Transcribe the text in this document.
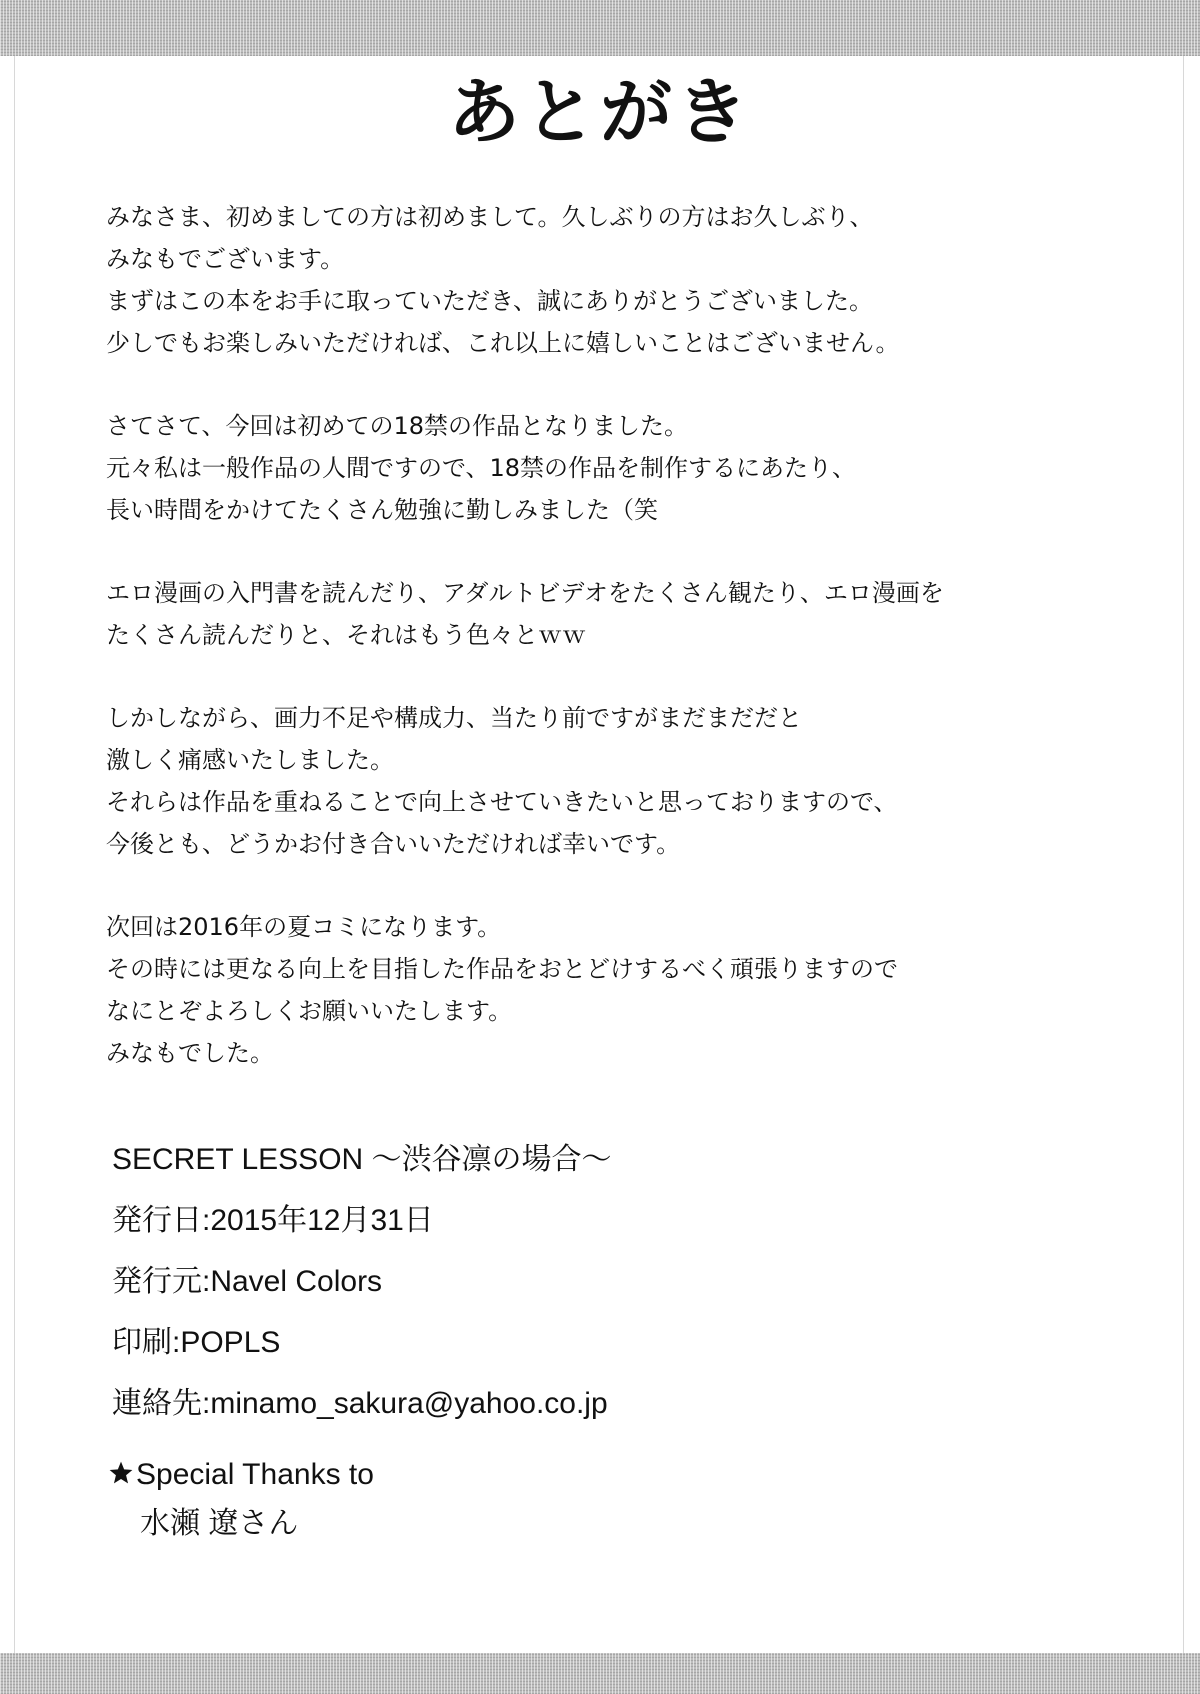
あとがき
みなさま、初めましての方は初めまして。久しぶりの方はお久しぶり、
みなもでございます。
まずはこの本をお手に取っていただき、誠にありがとうございました。
少しでもお楽しみいただければ、これ以上に嬉しいことはございません。
さてさて、今回は初めての18禁の作品となりました。
元々私は一般作品の人間ですので、18禁の作品を制作するにあたり、
長い時間をかけてたくさん勉強に勤しみました（笑
エロ漫画の入門書を読んだり、アダルトビデオをたくさん観たり、エロ漫画を
たくさん読んだりと、それはもう色々とｗｗ
しかしながら、画力不足や構成力、当たり前ですがまだまだだと
激しく痛感いたしました。
それらは作品を重ねることで向上させていきたいと思っておりますので、
今後とも、どうかお付き合いいただければ幸いです。
次回は2016年の夏コミになります。
その時には更なる向上を目指した作品をおとどけするべく頑張りますので
なにとぞよろしくお願いいたします。
みなもでした。
SECRET LESSON ～渋谷凛の場合～
発行日:2015年12月31日
発行元:Navel Colors
印刷:POPLS
連絡先:minamo_sakura@yahoo.co.jp
Special Thanks to
水瀬 遼さん
